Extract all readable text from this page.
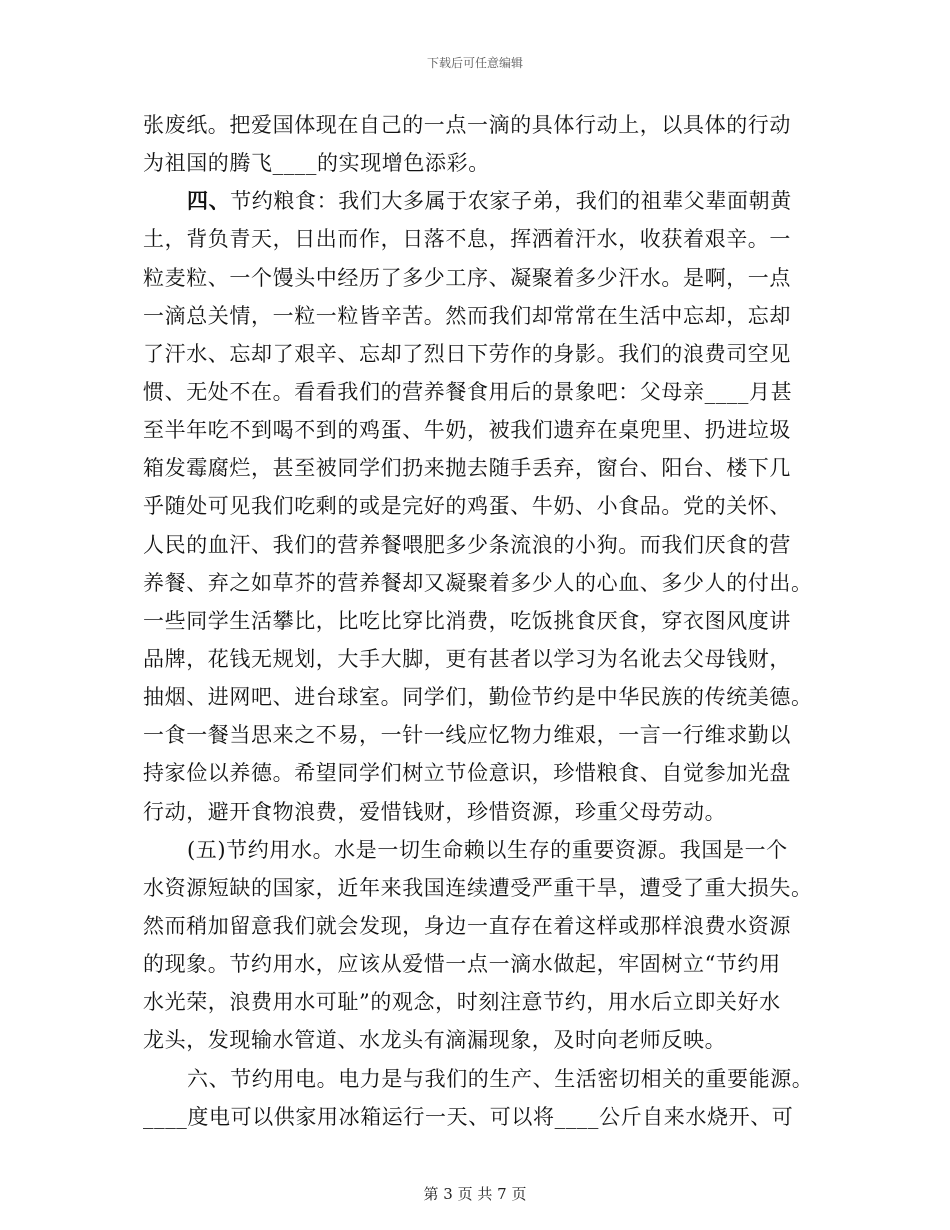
下载后可任意编辑
张废纸。把爱国体现在自己的一点一滴的具体行动上，以具体的行动
为祖国的腾飞____的实现增色添彩。
四、节约粮食：我们大多属于农家子弟，我们的祖辈父辈面朝黄
土，背负青天，日出而作，日落不息，挥洒着汗水，收获着艰辛。一
粒麦粒、一个馒头中经历了多少工序、凝聚着多少汗水。是啊，一点
一滴总关情，一粒一粒皆辛苦。然而我们却常常在生活中忘却，忘却
了汗水、忘却了艰辛、忘却了烈日下劳作的身影。我们的浪费司空见
惯、无处不在。看看我们的营养餐食用后的景象吧：父母亲____月甚
至半年吃不到喝不到的鸡蛋、牛奶，被我们遗弃在桌兜里、扔进垃圾
箱发霉腐烂，甚至被同学们扔来抛去随手丢弃，窗台、阳台、楼下几
乎随处可见我们吃剩的或是完好的鸡蛋、牛奶、小食品。党的关怀、
人民的血汗、我们的营养餐喂肥多少条流浪的小狗。而我们厌食的营
养餐、弃之如草芥的营养餐却又凝聚着多少人的心血、多少人的付出。
一些同学生活攀比，比吃比穿比消费，吃饭挑食厌食，穿衣图风度讲
品牌，花钱无规划，大手大脚，更有甚者以学习为名讹去父母钱财，
抽烟、进网吧、进台球室。同学们，勤俭节约是中华民族的传统美德。
一食一餐当思来之不易，一针一线应忆物力维艰，一言一行维求勤以
持家俭以养德。希望同学们树立节俭意识，珍惜粮食、自觉参加光盘
行动，避开食物浪费，爱惜钱财，珍惜资源，珍重父母劳动。
(五)节约用水。水是一切生命赖以生存的重要资源。我国是一个
水资源短缺的国家，近年来我国连续遭受严重干旱，遭受了重大损失。
然而稍加留意我们就会发现，身边一直存在着这样或那样浪费水资源
的现象。节约用水，应该从爱惜一点一滴水做起，牢固树立“节约用
水光荣，浪费用水可耻”的观念，时刻注意节约，用水后立即关好水
龙头，发现输水管道、水龙头有滴漏现象，及时向老师反映。
六、节约用电。电力是与我们的生产、生活密切相关的重要能源。
____度电可以供家用冰箱运行一天、可以将____公斤自来水烧开、可
第 3 页 共 7 页
